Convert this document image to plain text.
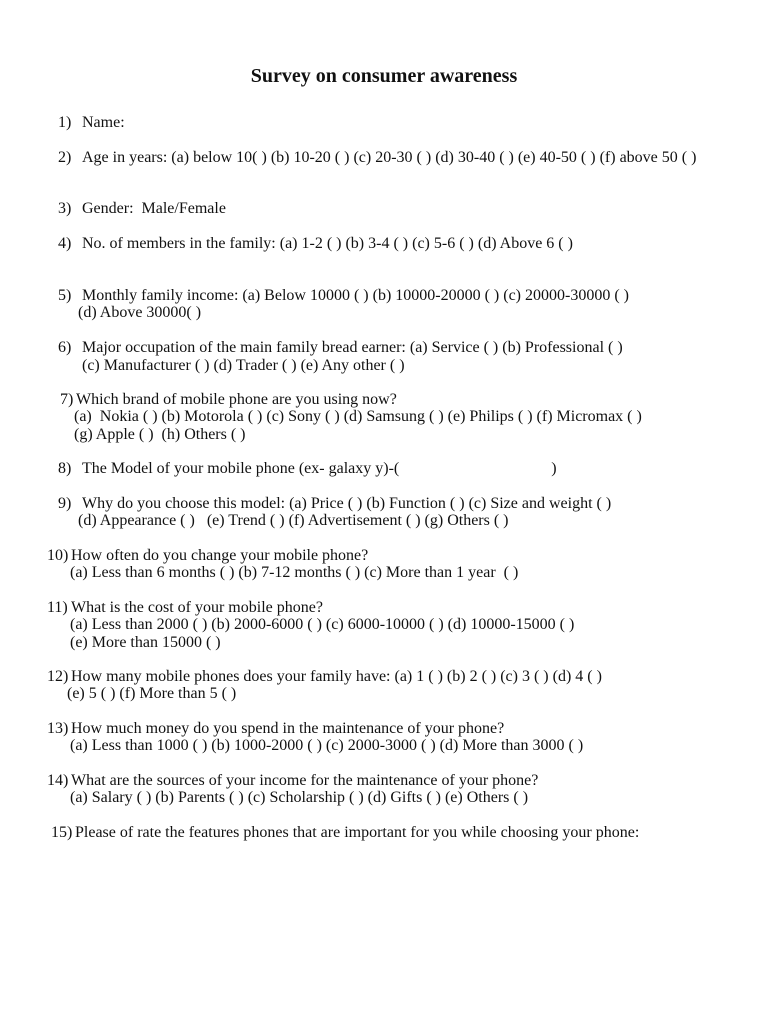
Survey on consumer awareness
1) Name:
2) Age in years: (a) below 10( ) (b) 10-20 ( ) (c) 20-30 ( ) (d) 30-40 ( ) (e) 40-50 ( ) (f) above 50 ( )
3) Gender:  Male/Female
4) No. of members in the family: (a) 1-2 ( ) (b) 3-4 ( ) (c) 5-6 ( ) (d) Above 6 ( )
5) Monthly family income: (a) Below 10000 ( ) (b) 10000-20000 ( ) (c) 20000-30000 ( )
(d) Above 30000( )
6) Major occupation of the main family bread earner: (a) Service ( ) (b) Professional ( )
(c) Manufacturer ( ) (d) Trader ( ) (e) Any other ( )
7) Which brand of mobile phone are you using now?
(a)  Nokia ( ) (b) Motorola ( ) (c) Sony ( ) (d) Samsung ( ) (e) Philips ( ) (f) Micromax ( )
(g) Apple ( )  (h) Others ( )
8) The Model of your mobile phone (ex- galaxy y)-(                                      )
9) Why do you choose this model: (a) Price ( ) (b) Function ( ) (c) Size and weight ( )
(d) Appearance ( )   (e) Trend ( ) (f) Advertisement ( ) (g) Others ( )
10) How often do you change your mobile phone?
(a) Less than 6 months ( ) (b) 7-12 months ( ) (c) More than 1 year  ( )
11) What is the cost of your mobile phone?
(a) Less than 2000 ( ) (b) 2000-6000 ( ) (c) 6000-10000 ( ) (d) 10000-15000 ( )
(e) More than 15000 ( )
12) How many mobile phones does your family have: (a) 1 ( ) (b) 2 ( ) (c) 3 ( ) (d) 4 ( )
(e) 5 ( ) (f) More than 5 ( )
13) How much money do you spend in the maintenance of your phone?
(a) Less than 1000 ( ) (b) 1000-2000 ( ) (c) 2000-3000 ( ) (d) More than 3000 ( )
14) What are the sources of your income for the maintenance of your phone?
(a) Salary ( ) (b) Parents ( ) (c) Scholarship ( ) (d) Gifts ( ) (e) Others ( )
15) Please of rate the features phones that are important for you while choosing your phone:
